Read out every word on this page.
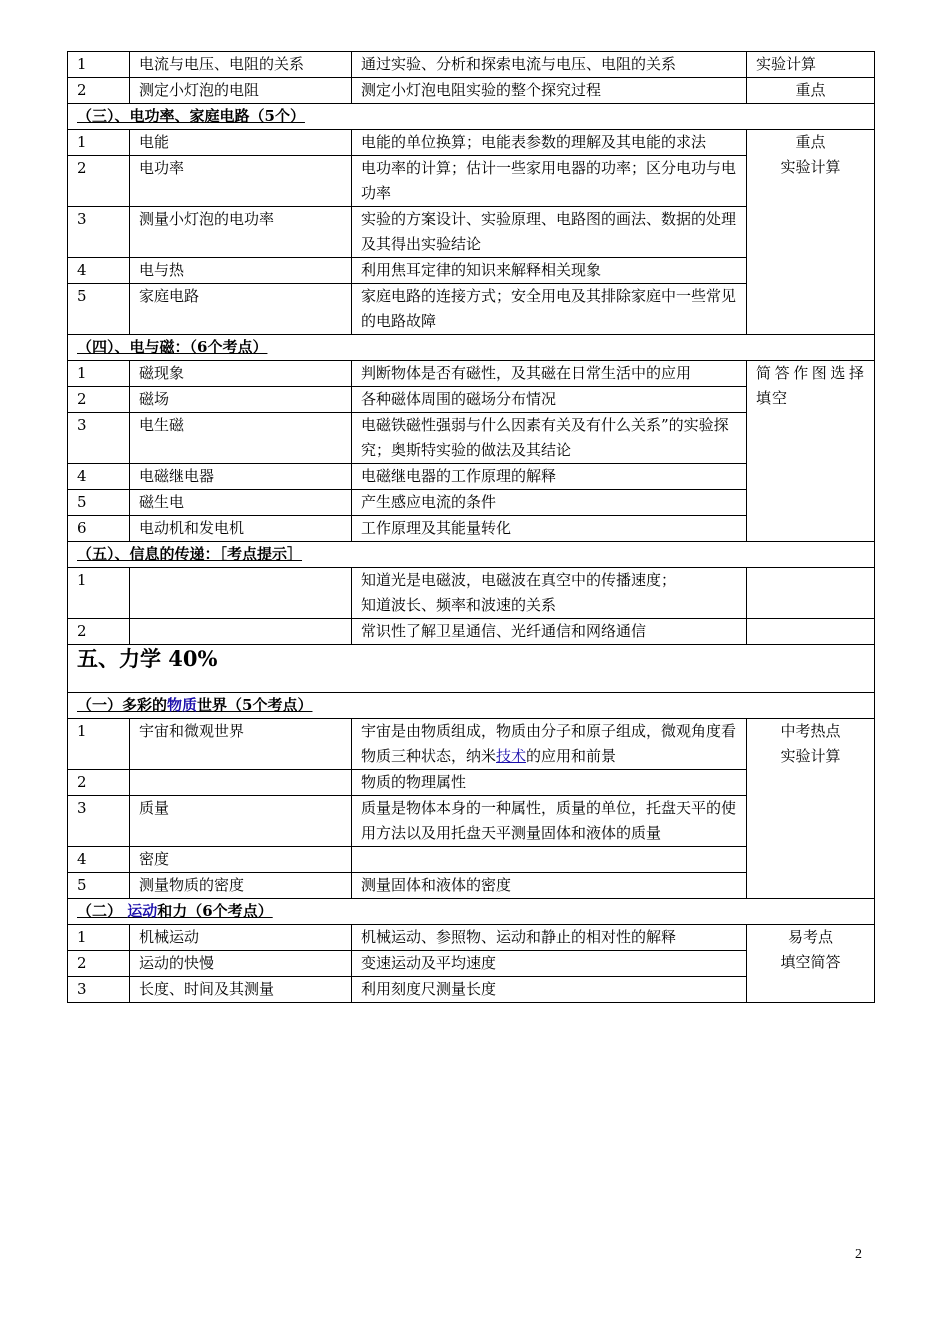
1	电流与电压、电阻的关系	通过实验、分析和探索电流与电压、电阻的关系	实验计算
2	测定小灯泡的电阻	测定小灯泡电阻实验的整个探究过程	重点
（三）、电功率、家庭电路（5个）			
1	电能	电能的单位换算；电能表参数的理解及其电能的求法	重点
实验计算

2	电功率	电功率的计算；估计一些家用电器的功率；区分电功与电功率	
3	测量小灯泡的电功率	实验的方案设计、实验原理、电路图的画法、数据的处理及其得出实验结论	
4	电与热	利用焦耳定律的知识来解释相关现象	
5	家庭电路	家庭电路的连接方式；安全用电及其排除家庭中一些常见的电路故障	
（四）、电与磁：（6个考点）			
1	磁现象	判断物体是否有磁性，及其磁在日常生活中的应用	简答作图选择填空
2	磁场	各种磁体周围的磁场分布情况	
3	电生磁	电磁铁磁性强弱与什么因素有关及有什么关系”的实验探究；奥斯特实验的做法及其结论	
4	电磁继电器	电磁继电器的工作原理的解释	
5	磁生电	产生感应电流的条件	
6	电动机和发电机	工作原理及其能量转化	
（五）、信息的传递：［考点提示］			
1		知道光是电磁波，电磁波在真空中的传播速度；
知道波长、频率和波速的关系	

2		常识性了解卫星通信、光纤通信和网络通信	
五、力学 40%			
（一）多彩的物质世界（5个考点）			
1	宇宙和微观世界	宇宙是由物质组成，物质由分子和原子组成，微观角度看物质三种状态，纳米技术的应用和前景	中考热点
实验计算

2		物质的物理属性	
3	质量	质量是物体本身的一种属性，质量的单位，托盘天平的使用方法以及用托盘天平测量固体和液体的质量	
4	密度		
5	测量物质的密度	测量固体和液体的密度	
（二） 运动和力（6个考点）			
1	机械运动	机械运动、参照物、运动和静止的相对性的解释	易考点
填空简答

2	运动的快慢	变速运动及平均速度	
3	长度、时间及其测量	利用刻度尺测量长度	
2
